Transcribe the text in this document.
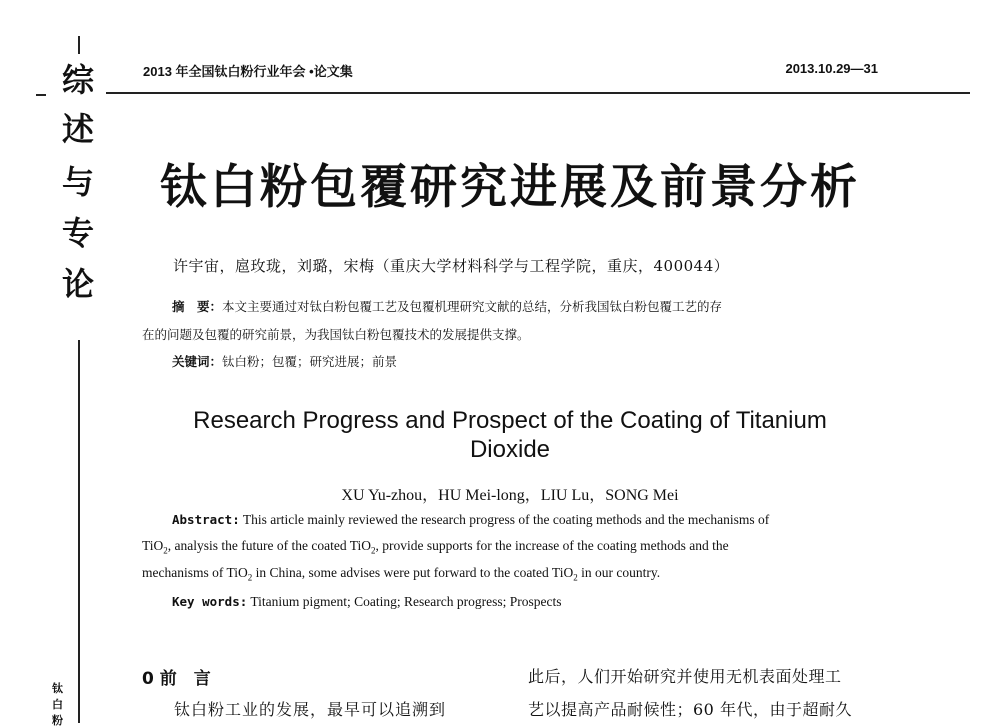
综
述
与
专
论
钛
白
粉
2013 年全国钛白粉行业年会 •论文集	2013.10.29—31
钛白粉包覆研究进展及前景分析
许宇宙，扈玫珑，刘璐，宋梅（重庆大学材料科学与工程学院，重庆，400044）
摘　要：本文主要通过对钛白粉包覆工艺及包覆机理研究文献的总结，分析我国钛白粉包覆工艺的存
在的问题及包覆的研究前景，为我国钛白粉包覆技术的发展提供支撑。
关键词：钛白粉；包覆；研究进展；前景
Research Progress and Prospect of the Coating of Titanium
Dioxide
XU Yu-zhou，HU Mei-long，LIU Lu，SONG Mei
Abstract: This article mainly reviewed the research progress of the coating methods and the mechanisms of
TiO$_2$, analysis the future of the coated TiO$_2$, provide supports for the increase of the coating methods and the
mechanisms of TiO$_2$ in China, some advises were put forward to the coated TiO$_2$ in our country.
Key words: Titanium pigment; Coating; Research progress; Prospects
0 前　言
钛白粉工业的发展，最早可以追溯到
此后，人们开始研究并使用无机表面处理工
艺以提高产品耐候性；60 年代，由于超耐久
